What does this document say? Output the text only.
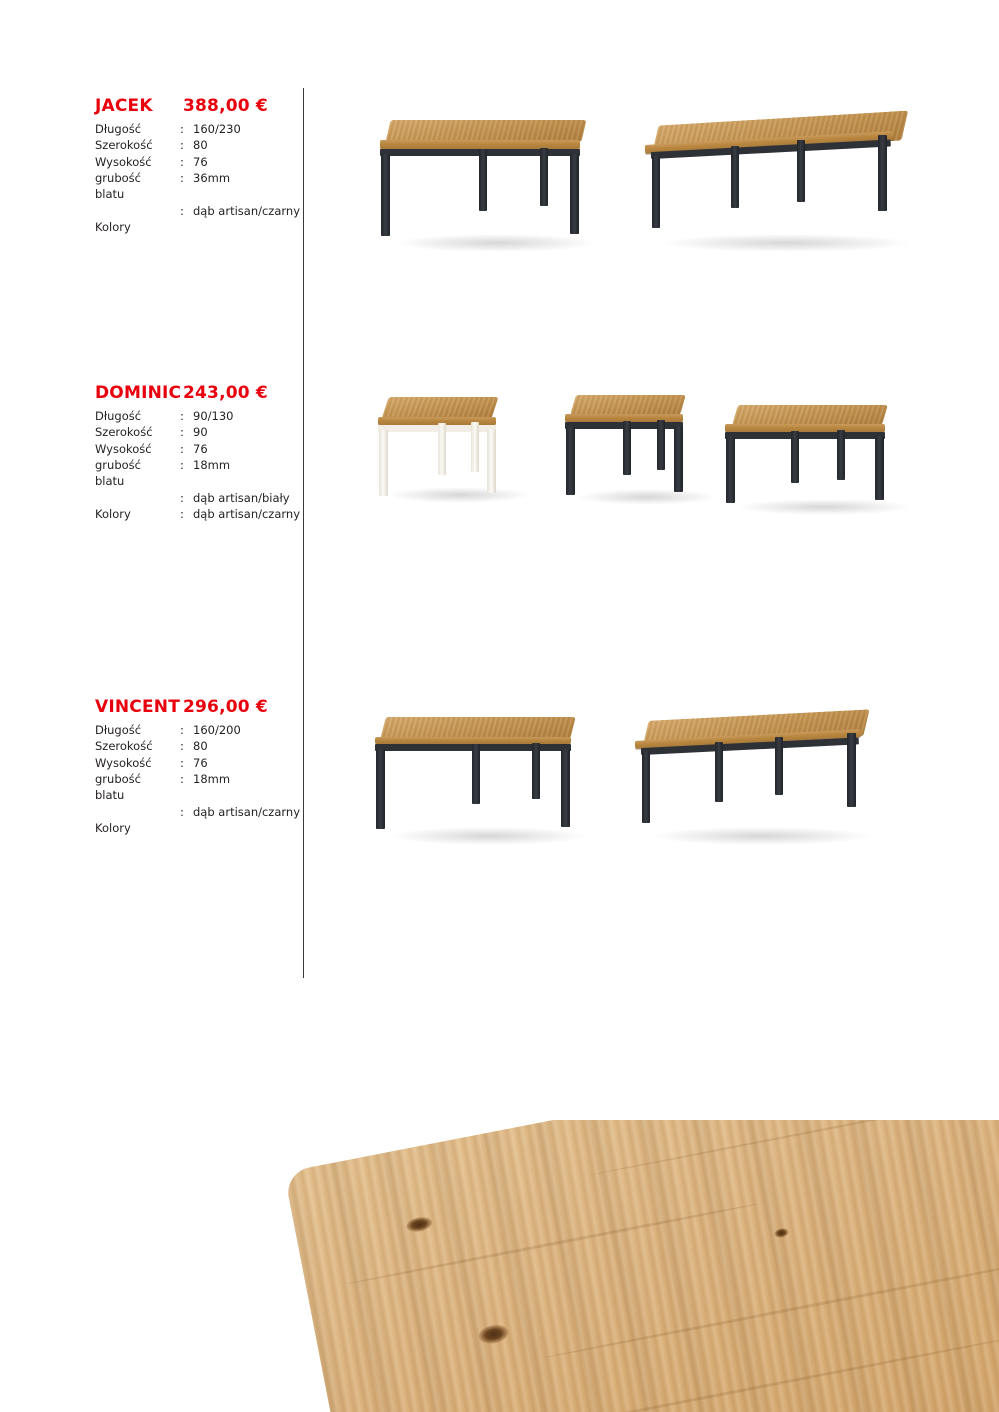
JACEK	388,00 €
Długość	:	160/230
Szerokość	:	80
Wysokość	:	76
grubość	:	36mm
blatu		
	:	dąb artisan/czarny
Kolory		
DOMINIC 243,00 €
Długość	:	90/130
Szerokość	:	90
Wysokość	:	76
grubość	:	18mm
blatu		
	:	dąb artisan/biały
Kolory	:	dąb artisan/czarny
VINCENT 296,00 €
Długość	:	160/200
Szerokość	:	80
Wysokość	:	76
grubość	:	18mm
blatu		
	:	dąb artisan/czarny
Kolory		
